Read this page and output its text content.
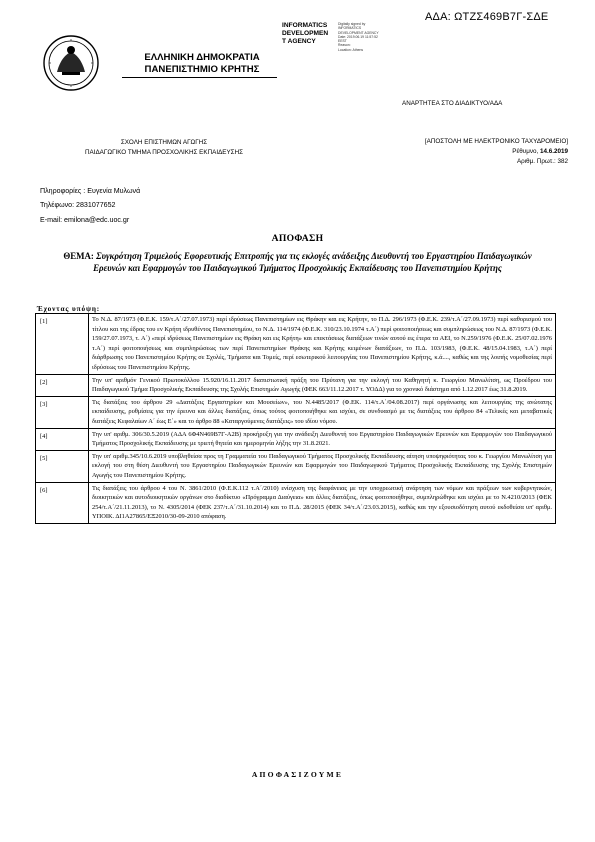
ΑΔΑ: ΩΤΖΣ469Β7Γ-ΣΔΕ
INFORMATICS
DEVELOPMEN
T AGENCY
Digitally signed by
INFORMATICS
DEVELOPMENT AGENCY
Date: 2019.06.19 11:57:52
EEST
Reason:
Location: Athens
ΕΛΛΗΝΙΚΗ ΔΗΜΟΚΡΑΤΙΑ
ΠΑΝΕΠΙΣΤΗΜΙΟ ΚΡΗΤΗΣ
ΑΝΑΡΤΗΤΕΑ ΣΤΟ ΔΙΑΔΙΚΤΥΟ/ΑΔΑ
ΣΧΟΛΗ ΕΠΙΣΤΗΜΩΝ ΑΓΩΓΗΣ
ΠΑΙΔΑΓΩΓΙΚΟ ΤΜΗΜΑ ΠΡΟΣΧΟΛΙΚΗΣ ΕΚΠΑΙΔΕΥΣΗΣ
[ΑΠΟΣΤΟΛΗ ΜΕ ΗΛΕΚΤΡΟΝΙΚΟ ΤΑΧΥΔΡΟΜΕΙΟ]
Ρέθυμνο, 14.6.2019
Αριθμ. Πρωτ.: 382
Πληροφορίες : Ευγενία Μυλωνά
Τηλέφωνο: 2831077652
E-mail: emilona@edc.uoc.gr
ΑΠΟΦΑΣΗ
ΘΕΜΑ: Συγκρότηση Τριμελούς Εφορευτικής Επιτροπής για τις εκλογές ανάδειξης Διευθυντή του Εργαστηρίου Παιδαγωγικών Ερευνών και Εφαρμογών του Παιδαγωγικού Τμήματος Προσχολικής Εκπαίδευσης του Πανεπιστημίου Κρήτης
Έχοντας υπόψη:
[1]	Το Ν.Δ. 87/1973 (Φ.Ε.Κ. 159/τ.Α΄/27.07.1973) περί ιδρύσεως Πανεπιστημίων εις Θράκην και εις Κρήτην, το Π.Δ. 296/1973 (Φ.Ε.Κ. 239/τ.Α΄/27.09.1973) περί καθορισμού του τίτλου και της έδρας του εν Κρήτη ιδρυθέντος Πανεπιστημίου, το Ν.Δ. 114/1974 (Φ.Ε.Κ. 310/23.10.1974 τ.Α΄) περί φοιτοποιήσεως και συμπληρώσεως του Ν.Δ. 87/1973 (Φ.Ε.Κ. 159/27.07.1973, τ. Α΄) «περί ιδρύσεως Πανεπιστημίων εις Θράκη και εις Κρήτη» και επεκτάσεως διατάξεων τινών αυτού εις έτερα τα ΑΕΙ, το Ν.259/1976 (Φ.Ε.Κ. 25/07.02.1976 τ.Α΄) περί φοιτοποιήσεως και συμπληρώσεως των περί Πανεπιστημίων Θράκης και Κρήτης κειμένων διατάξεων, το Π.Δ. 103/1983, (Φ.Ε.Κ. 48/15.04.1983, τ.Α΄) περί διάρθρωσης του Πανεπιστημίου Κρήτης σε Σχολές, Τμήματα και Τομείς, περί εσωτερικού λειτουργίας του Πανεπιστημίου Κρήτης, κ.ά...., καθώς και της λοιπής νομοθεσίας περί ιδρύσεως του Πανεπιστημίου Κρήτης.
[2]	Την υπ' αριθμόν Γενικού Πρωτοκόλλου 15.920/16.11.2017 διαπιστωτική πράξη του Πρύτανη για την εκλογή του Καθηγητή κ. Γεωργίου Μανωλίτση, ως Προέδρου του Παιδαγωγικού Τμήμα Προσχολικής Εκπαίδευσης της Σχολής Επιστημών Αγωγής (ΦΕΚ 663/11.12.2017 τ. ΥΟΔΔ) για το χρονικό διάστημα από 1.12.2017 έως 31.8.2019.
[3]	Τις διατάξεις του άρθρου 29 «Διατάξεις Εργαστηρίων και Μουσείων», του Ν.4485/2017 (Φ.ΕΚ. 114/τ.Α΄/04.08.2017) περί οργάνωσης και λειτουργίας της ανώτατης εκπαίδευσης, ρυθμίσεις για την έρευνα και άλλες διατάξεις, όπως τούτος φοιτοποιήθηκε και ισχύει, σε συνδυασμό με τις διατάξεις του άρθρου 84 «Τελικές και μεταβατικές διατάξεις Κεφαλαίων Α΄ έως Ε΄» και το άρθρο 88 «Καταργούμενες διατάξεις» του ιδίου νόμου.
[4]	Την υπ' αριθμ. 306/30.5.2019 (ΑΔΑ 6Φ4Ν469Β7Γ-Α2Β) προκήρυξη για την ανάδειξη Διευθυντή του Εργαστηρίου Παιδαγωγικών Ερευνών και Εφαρμογών του Παιδαγωγικού Τμήματος Προσχολικής Εκπαίδευσης με τριετή θητεία και ημερομηνία λήξης την 31.8.2021.
[5]	Την υπ' αριθμ.345/10.6.2019 υποβληθείσα προς τη Γραμματεία του Παιδαγωγικού Τμήματος Προσχολικής Εκπαίδευσης αίτηση υποψηφιότητας του κ. Γεωργίου Μανωλίτση για εκλογή του στη θέση Διευθυντή του Εργαστηρίου Παιδαγωγικών Ερευνών και Εφαρμογών του Παιδαγωγικού Τμήματος Προσχολικής Εκπαίδευσης της Σχολής Επιστημών Αγωγής του Πανεπιστημίου Κρήτης.
[6]	Τις διατάξεις του άρθρου 4 του Ν. 3861/2010 (Φ.Ε.Κ.112 τ.Α΄/2010) ενίσχυση της διαφάνειας με την υποχρεωτική ανάρτηση των νόμων και πράξεων των κυβερνητικών, διοικητικών και αυτοδιοικητικών οργάνων στο διαδίκτυο «Πρόγραμμα Διαύγεια» και άλλες διατάξεις, όπως φοιτοποιήθηκε, συμπληρώθηκε και ισχύει με το Ν.4210/2013 (ΦΕΚ 254/τ.Α΄/21.11.2013), το Ν. 4305/2014 (ΦΕΚ 237/τ.Α΄/31.10.2014) και το Π.Δ. 28/2015 (ΦΕΚ 34/τ.Α΄/23.03.2015), καθώς και την εξουσιοδότηση αυτού εκδοθείσα υπ' αριθμ. ΥΠΟΙΚ. ΔΙ1Α27865/ΕΞ2010/30-09-2010 απόφαση.
ΑΠΟΦΑΣΙΖΟΥΜΕ
